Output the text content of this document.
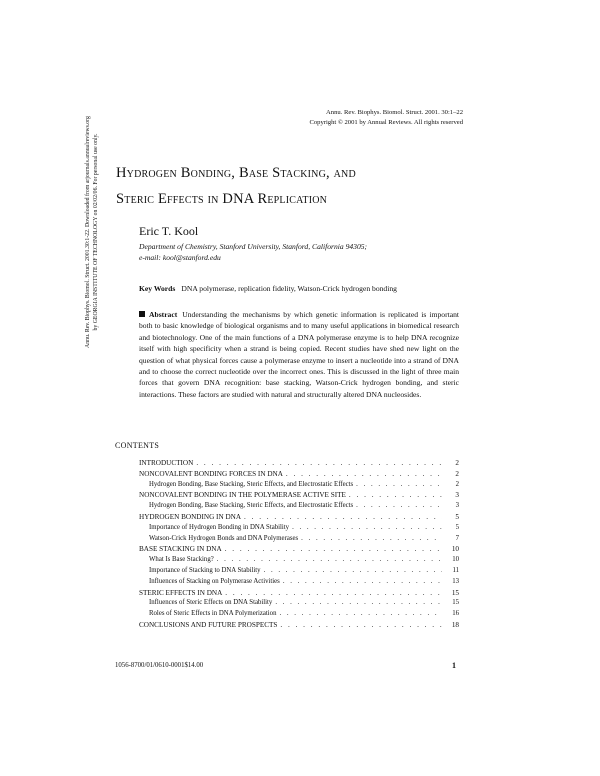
Annu. Rev. Biophys. Biomol. Struct. 2001. 30:1–22
Copyright © 2001 by Annual Reviews. All rights reserved
Hydrogen Bonding, Base Stacking, and
Steric Effects in DNA Replication
Eric T. Kool
Department of Chemistry, Stanford University, Stanford, California 94305;
e-mail: kool@stanford.edu
Key Words DNA polymerase, replication fidelity, Watson-Crick hydrogen bonding
Abstract Understanding the mechanisms by which genetic information is replicated is important both to basic knowledge of biological organisms and to many useful applications in biomedical research and biotechnology. One of the main functions of a DNA polymerase enzyme is to help DNA recognize itself with high specificity when a strand is being copied. Recent studies have shed new light on the question of what physical forces cause a polymerase enzyme to insert a nucleotide into a strand of DNA and to choose the correct nucleotide over the incorrect ones. This is discussed in the light of three main forces that govern DNA recognition: base stacking, Watson-Crick hydrogen bonding, and steric interactions. These factors are studied with natural and structurally altered DNA nucleosides.
CONTENTS
INTRODUCTION . . .	2
NONCOVALENT BONDING FORCES IN DNA . . .	2
Hydrogen Bonding, Base Stacking, Steric Effects, and Electrostatic Effects . . .	2
NONCOVALENT BONDING IN THE POLYMERASE ACTIVE SITE . . .	3
Hydrogen Bonding, Base Stacking, Steric Effects, and Electrostatic Effects . . .	3
HYDROGEN BONDING IN DNA . . .	5
Importance of Hydrogen Bonding in DNA Stability . . .	5
Watson-Crick Hydrogen Bonds and DNA Polymerases . . .	7
BASE STACKING IN DNA . . .	10
What Is Base Stacking? . . .	10
Importance of Stacking to DNA Stability . . .	11
Influences of Stacking on Polymerase Activities . . .	13
STERIC EFFECTS IN DNA . . .	15
Influences of Steric Effects on DNA Stability . . .	15
Roles of Steric Effects in DNA Polymerization . . .	16
CONCLUSIONS AND FUTURE PROSPECTS . . .	18
1056-8700/01/0610-0001$14.00	1
Annu. Rev. Biophys. Biomol. Struct. 2001.30:1-22. Downloaded from arjournals.annualreviews.org by GEORGIA INSTITUTE OF TECHNOLOGY on 02/02/06. For personal use only.
